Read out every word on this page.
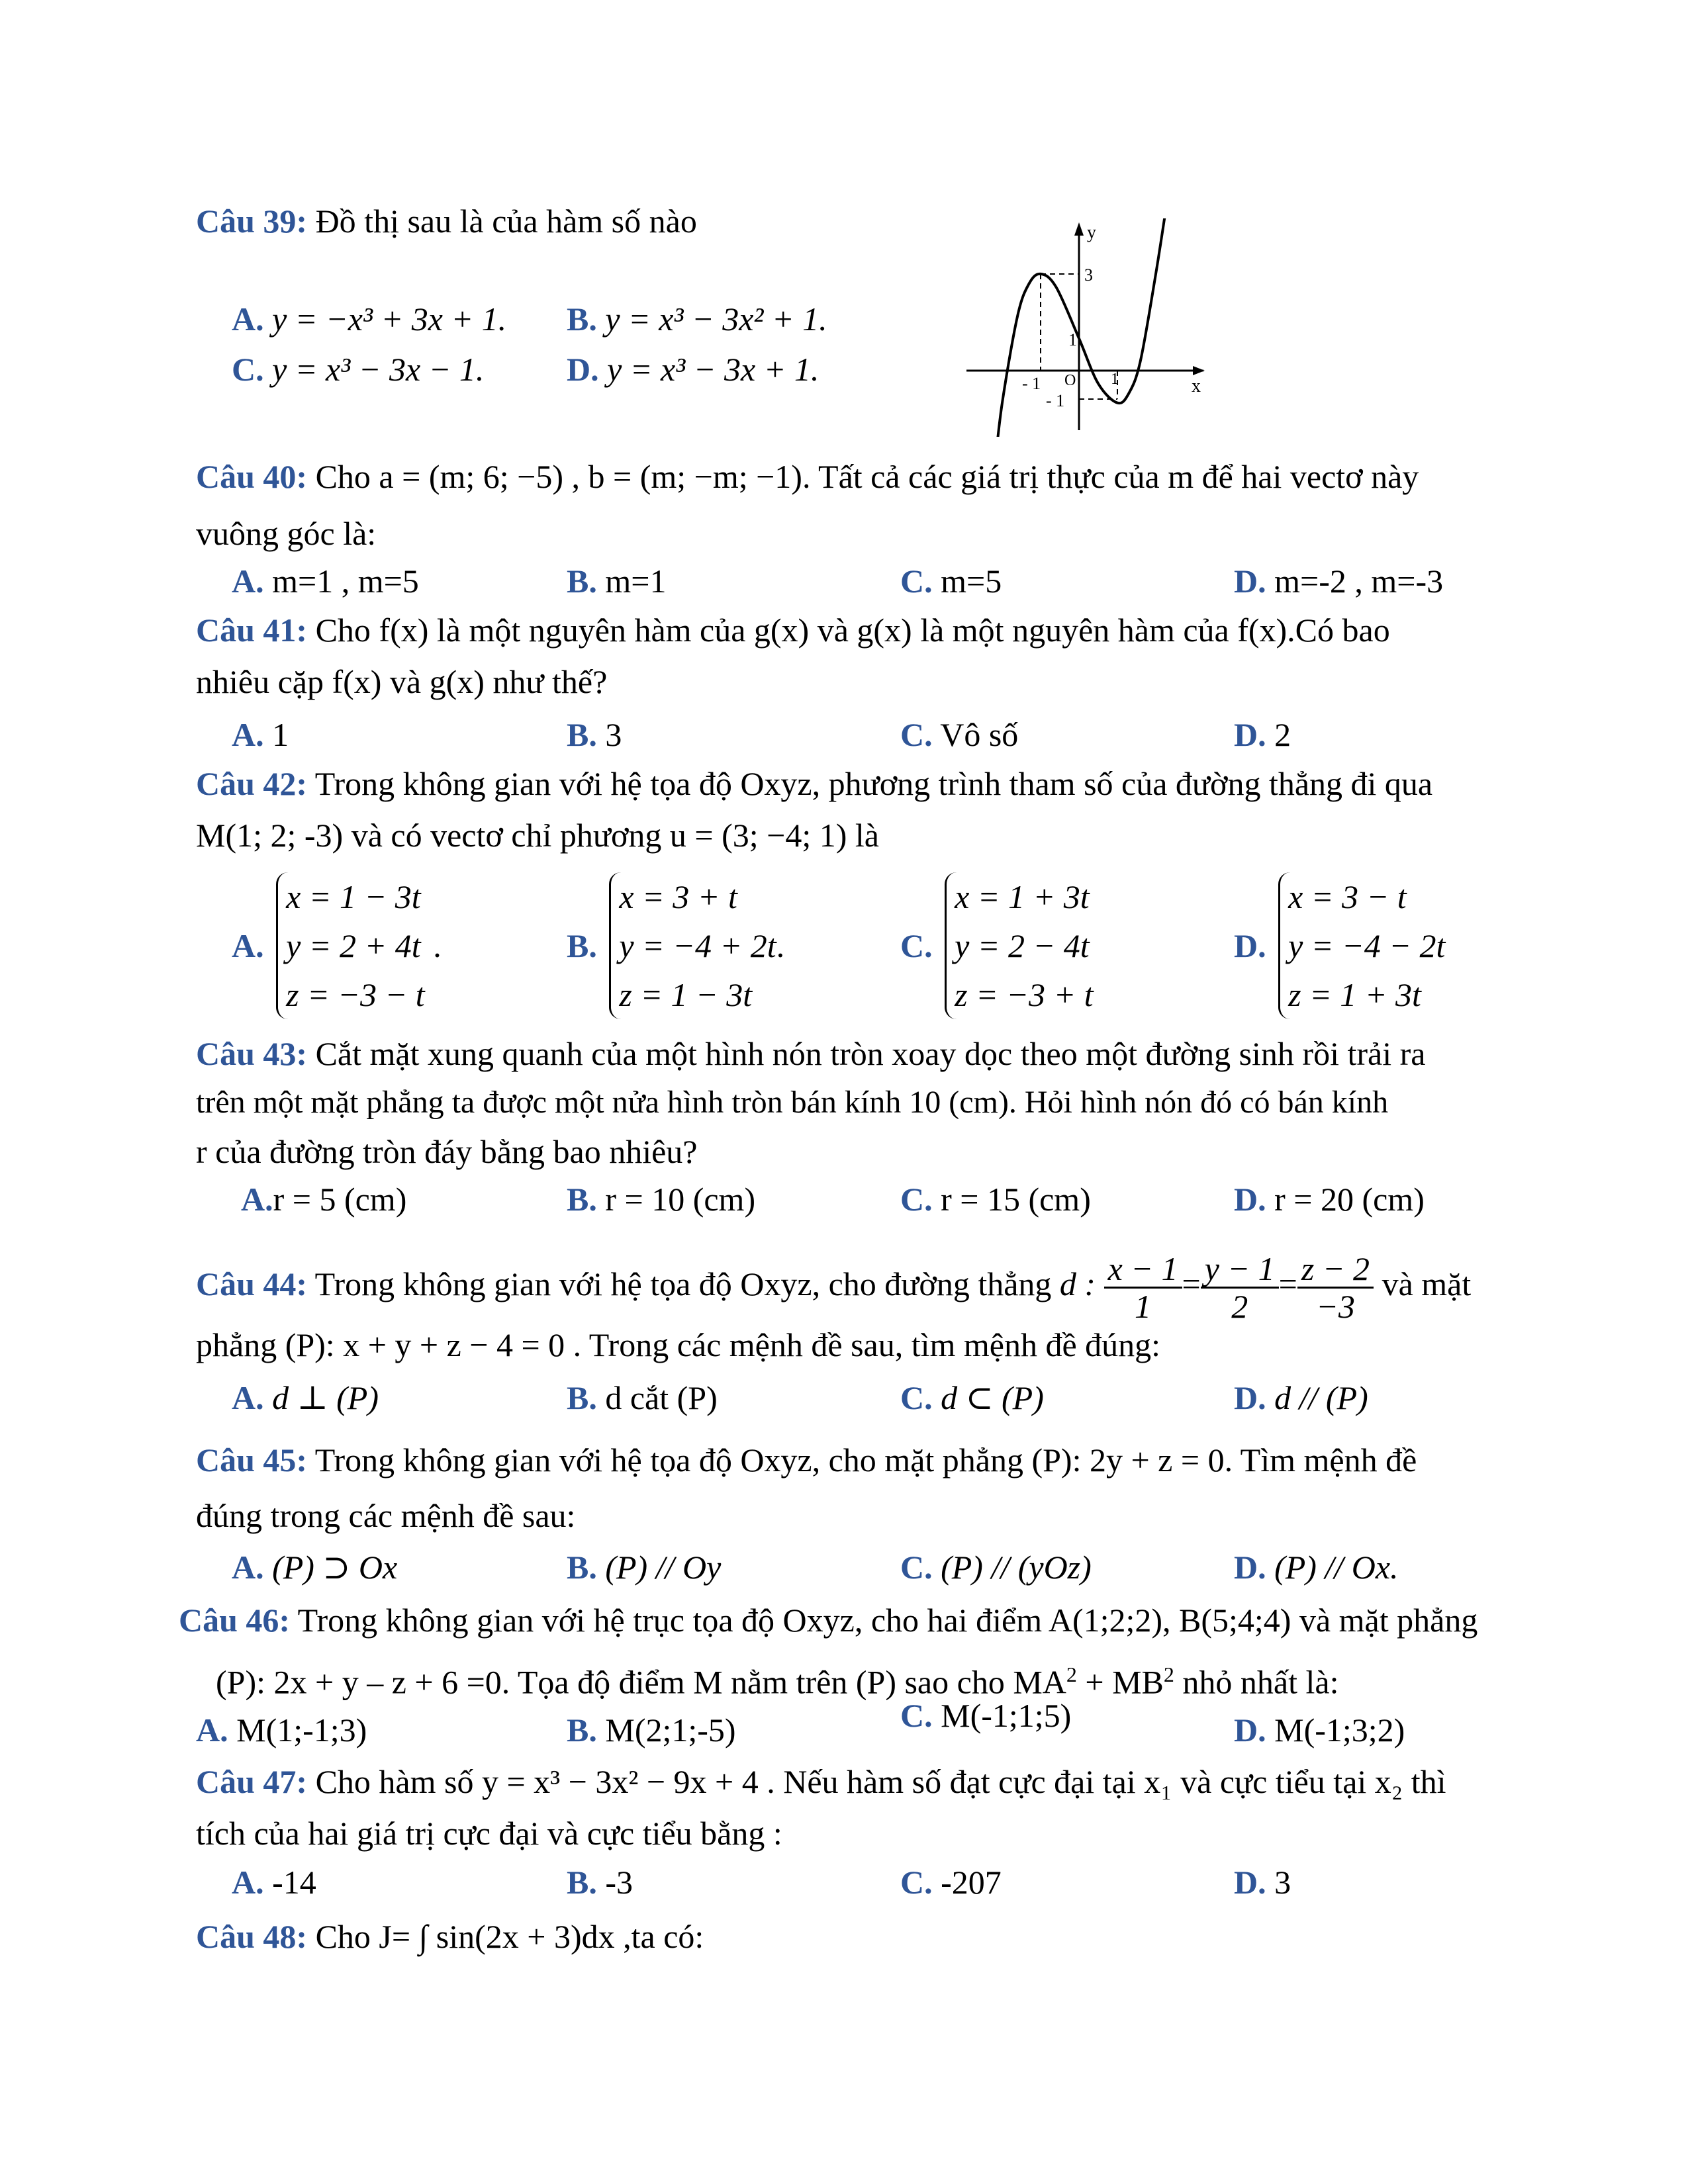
Câu 39: Đồ thị sau là của hàm số nào
A. y = −x³ + 3x + 1. B. y = x³ − 3x² + 1.
C. y = x³ − 3x − 1. D. y = x³ − 3x + 1.
y
x
3
1
- 1 O
- 1
1
Câu 40: Cho a = (m; 6; −5) , b = (m; −m; −1). Tất cả các giá trị thực của m để hai vectơ này
vuông góc là:
A. m=1 , m=5	B. m=1	C. m=5	D. m=-2 , m=-3
Câu 41: Cho f(x) là một nguyên hàm của g(x) và g(x) là một nguyên hàm của f(x).Có bao
nhiêu cặp f(x) và g(x) như thế?
A. 1	B. 3	C. Vô số	D. 2
Câu 42: Trong không gian với hệ tọa độ Oxyz, phương trình tham số của đường thẳng đi qua
M(1; 2; -3) và có vectơ chỉ phương u = (3; −4; 1) là
A.
x = 1 − 3t
y = 2 + 4t
z = −3 − t
.	B.
x = 3 + t
y = −4 + 2t
z = 1 − 3t
.	C.
x = 1 + 3t
y = 2 − 4t
z = −3 + t
D.
x = 3 − t
y = −4 − 2t
z = 1 + 3t
Câu 43: Cắt mặt xung quanh của một hình nón tròn xoay dọc theo một đường sinh rồi trải ra
trên một mặt phẳng ta được một nửa hình tròn bán kính 10 (cm). Hỏi hình nón đó có bán kính
r của đường tròn đáy bằng bao nhiêu?
A.r = 5 (cm)	B. r = 10 (cm)	C. r = 15 (cm)	D. r = 20 (cm)
Câu 44: Trong không gian với hệ tọa độ Oxyz, cho đường thẳng d : $\frac{x - 1}{1} = \frac{y - 1}{2} = \frac{z - 2}{-3}$ và mặt
phẳng (P): x + y + z − 4 = 0 . Trong các mệnh đề sau, tìm mệnh đề đúng:
A. d ⊥ (P)	B. d cắt (P)	C. d ⊂ (P)	D. d // (P)
Câu 45: Trong không gian với hệ tọa độ Oxyz, cho mặt phẳng (P): 2y + z = 0. Tìm mệnh đề
đúng trong các mệnh đề sau:
A. (P) ⊃ Ox	B. (P) // Oy	C. (P) // (yOz)	D. (P) // Ox.
Câu 46: Trong không gian với hệ trục tọa độ Oxyz, cho hai điểm A(1;2;2), B(5;4;4) và mặt phẳng
(P): 2x + y – z + 6 =0. Tọa độ điểm M nằm trên (P) sao cho $MA^2 + MB^2$ nhỏ nhất là:
A. M(1;-1;3)	B. M(2;1;-5)	C. M(-1;1;5)	D. M(-1;3;2)
Câu 47: Cho hàm số y = x³ − 3x² − 9x + 4 . Nếu hàm số đạt cực đại tại x₁ và cực tiểu tại x₂ thì
tích của hai giá trị cực đại và cực tiểu bằng :
A. -14	B. -3	C. -207	D. 3
Câu 48: Cho J= ∫ sin(2x + 3)dx ,ta có:
